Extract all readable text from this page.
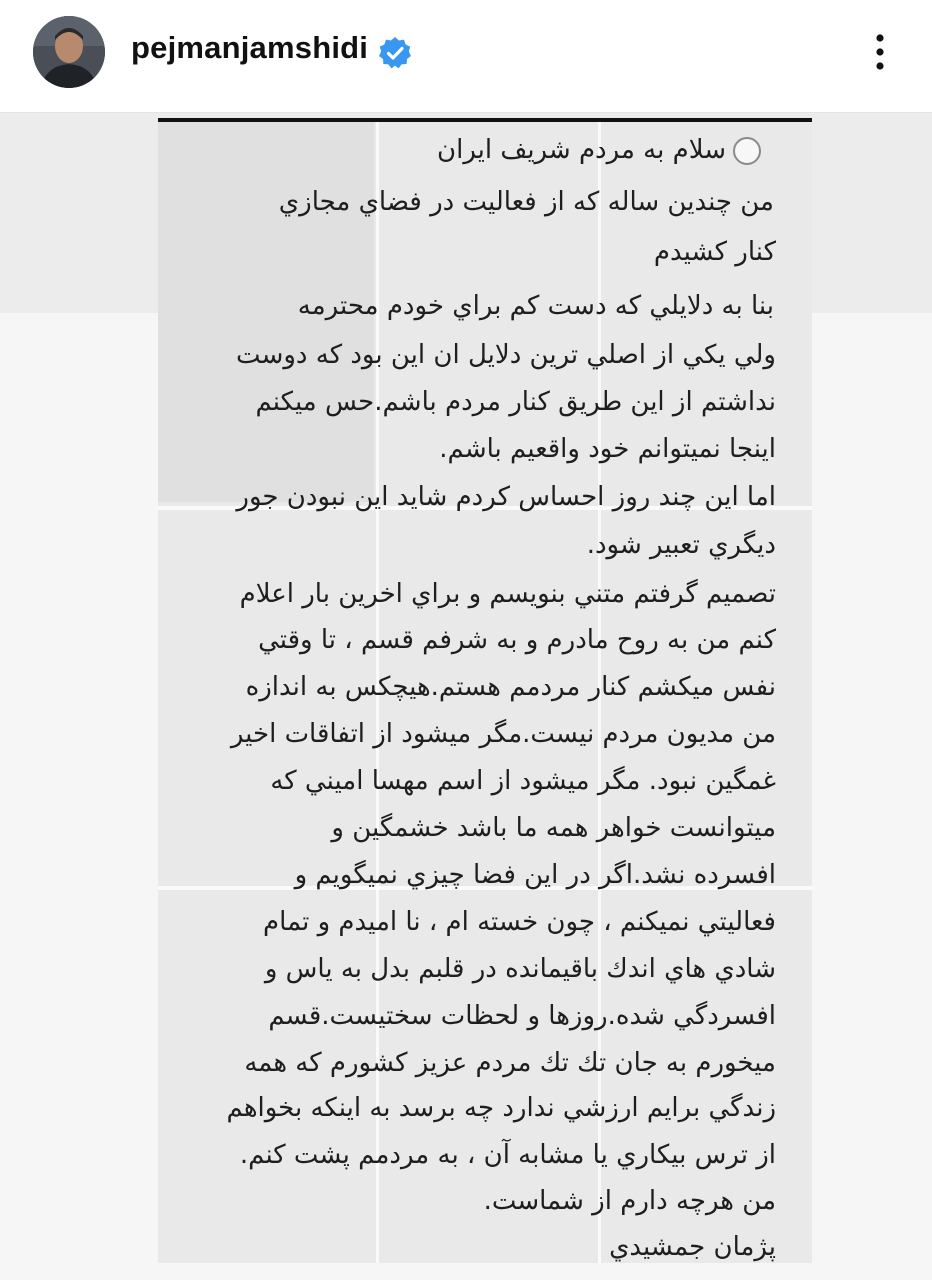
pejmanjamshidi
سلام به مردم شريف ايران
من چندين ساله كه از فعاليت در فضاي مجازي
كنار كشيدم
بنا به دلايلي كه دست كم براي خودم محترمه
ولي يكي از اصلي ترين دلايل ان اين بود كه دوست
نداشتم از اين طريق كنار مردم باشم.حس ميكنم
اينجا نميتوانم خود واقعيم باشم.
اما اين چند روز احساس كردم شايد اين نبودن جور
ديگري تعبير شود.
تصميم گرفتم متني بنويسم و براي اخرين بار اعلام
كنم من به روح مادرم و به شرفم قسم ، تا وقتي
نفس ميكشم كنار مردمم هستم.هيچكس به اندازه
من مديون مردم نيست.مگر ميشود از اتفاقات اخير
غمگين نبود. مگر ميشود از اسم مهسا اميني كه
ميتوانست خواهر همه ما باشد خشمگين و
افسرده نشد.اگر در اين فضا چيزي نميگويم و
فعاليتي نميكنم ، چون خسته ام ، نا اميدم و تمام
شادي هاي اندك باقيمانده در قلبم بدل به ياس و
افسردگي شده.روزها و لحظات سختيست.قسم
ميخورم به جان تك تك مردم عزيز كشورم كه همه
زندگي برايم ارزشي ندارد چه برسد به اينكه بخواهم
از ترس بيكاري يا مشابه آن ، به مردمم پشت كنم.
من هرچه دارم از شماست.
پژمان جمشيدي
